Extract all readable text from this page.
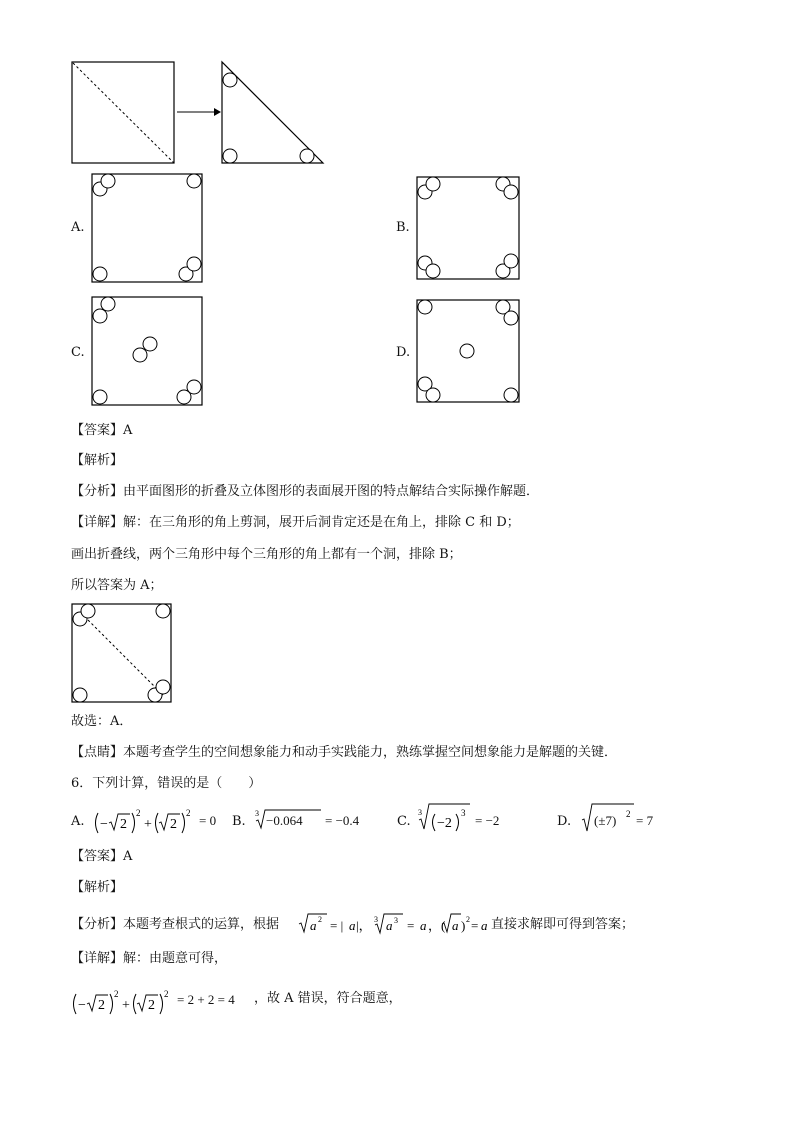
A.	B.
C.	D.
【答案】A
【解析】
【分析】由平面图形的折叠及立体图形的表面展开图的特点解结合实际操作解题．
【详解】解：在三角形的角上剪洞，展开后洞肯定还是在角上，排除 C 和 D；
画出折叠线，两个三角形中每个三角形的角上都有一个洞，排除 B；
所以答案为 A；
故选：A．
【点睛】本题考查学生的空间想象能力和动手实践能力，熟练掌握空间想象能力是解题的关键．
6．下列计算，错误的是（　　）
A. − 2
2
+ 2
2 = 0 B.
3 −0.064 = −0.4	C.
3
−2
3 = −2	D.	2
(±7) = 7
【答案】A
【解析】
【分析】本题考查根式的运算，根据 a 2 = | a |， 3 a 3 = a ，( a ) 2 = a 直接求解即可得到答案；
【详解】解：由题意可得，
− 2
2
+ 2
2 = 2 + 2 = 4 ，故 A 错误，符合题意，
